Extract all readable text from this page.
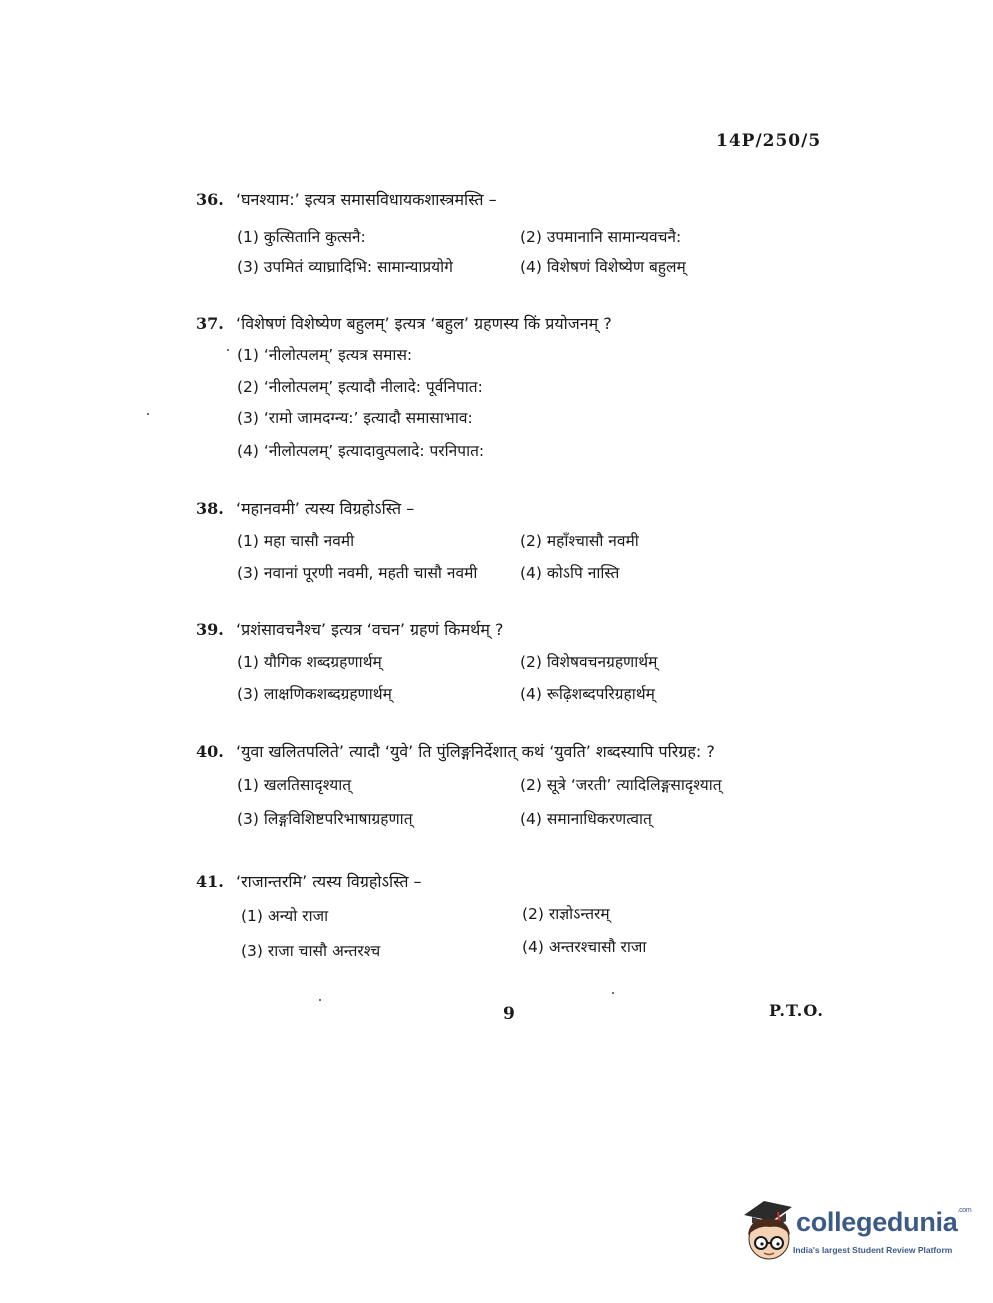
14P/250/5
36. ‘घनश्याम:’ इत्यत्र समासविधायकशास्त्रमस्ति –
(1) कुत्सितानि कुत्सनै:	(2) उपमानानि सामान्यवचनै:
(3) उपमितं व्याघ्रादिभि: सामान्याप्रयोगे	(4) विशेषणं विशेष्येण बहुलम्
37. ‘विशेषणं विशेष्येण बहुलम्’ इत्यत्र ‘बहुल’ ग्रहणस्य किं प्रयोजनम् ?
(1) ‘नीलोत्पलम्’ इत्यत्र समास:
(2) ‘नीलोत्पलम्’ इत्यादौ नीलादे: पूर्वनिपात:
(3) ‘रामो जामदग्न्य:’ इत्यादौ समासाभाव:
(4) ‘नीलोत्पलम्’ इत्यादावुत्पलादे: परनिपात:
38. ‘महानवमी’ त्यस्य विग्रहोऽस्ति –
(1) महा चासौ नवमी	(2) महाँश्चासौ नवमी
(3) नवानां पूरणी नवमी, महती चासौ नवमी	(4) कोऽपि नास्ति
39. ‘प्रशंसावचनैश्च’ इत्यत्र ‘वचन’ ग्रहणं किमर्थम् ?
(1) यौगिक शब्दग्रहणार्थम्	(2) विशेषवचनग्रहणार्थम्
(3) लाक्षणिकशब्दग्रहणार्थम्	(4) रूढ़िशब्दपरिग्रहार्थम्
40. ‘युवा खलितपलिते’ त्यादौ ‘युवे’ ति पुंलिङ्गनिर्देशात् कथं ‘युवति’ शब्दस्यापि परिग्रह: ?
(1) खलतिसादृश्यात्	(2) सूत्रे ‘जरती’ त्यादिलिङ्गसादृश्यात्
(3) लिङ्गविशिष्टपरिभाषाग्रहणात्	(4) समानाधिकरणत्वात्
41. ‘राजान्तरमि’ त्यस्य विग्रहोऽस्ति –
(1) अन्यो राजा	(2) राज्ञोऽन्तरम्
(3) राजा चासौ अन्तरश्च	(4) अन्तरश्चासौ राजा
9	P.T.O.
collegedunia$^{.com}$
India's largest Student Review Platform
